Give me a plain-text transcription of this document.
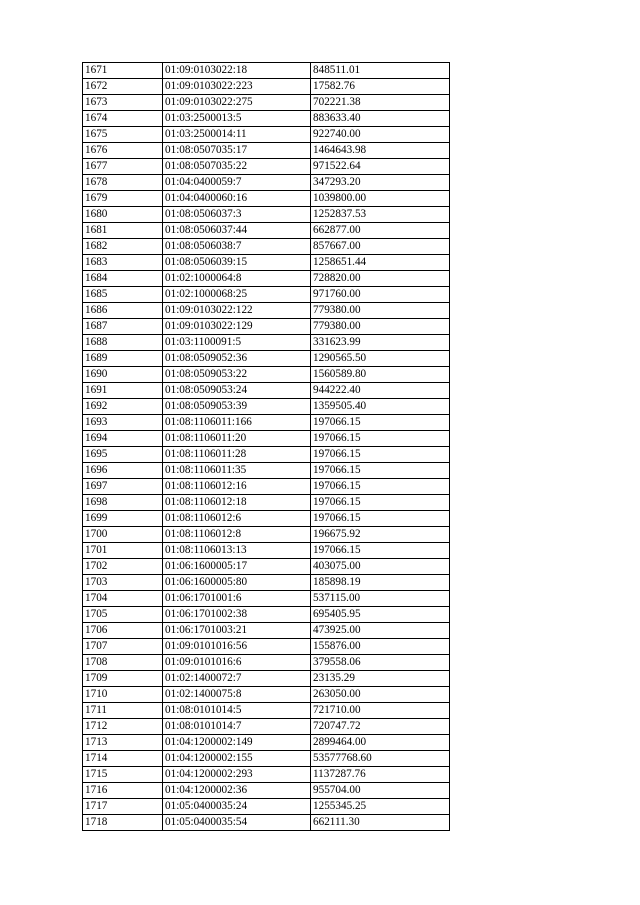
1671	01:09:0103022:18	848511.01
1672	01:09:0103022:223	17582.76
1673	01:09:0103022:275	702221.38
1674	01:03:2500013:5	883633.40
1675	01:03:2500014:11	922740.00
1676	01:08:0507035:17	1464643.98
1677	01:08:0507035:22	971522.64
1678	01:04:0400059:7	347293.20
1679	01:04:0400060:16	1039800.00
1680	01:08:0506037:3	1252837.53
1681	01:08:0506037:44	662877.00
1682	01:08:0506038:7	857667.00
1683	01:08:0506039:15	1258651.44
1684	01:02:1000064:8	728820.00
1685	01:02:1000068:25	971760.00
1686	01:09:0103022:122	779380.00
1687	01:09:0103022:129	779380.00
1688	01:03:1100091:5	331623.99
1689	01:08:0509052:36	1290565.50
1690	01:08:0509053:22	1560589.80
1691	01:08:0509053:24	944222.40
1692	01:08:0509053:39	1359505.40
1693	01:08:1106011:166	197066.15
1694	01:08:1106011:20	197066.15
1695	01:08:1106011:28	197066.15
1696	01:08:1106011:35	197066.15
1697	01:08:1106012:16	197066.15
1698	01:08:1106012:18	197066.15
1699	01:08:1106012:6	197066.15
1700	01:08:1106012:8	196675.92
1701	01:08:1106013:13	197066.15
1702	01:06:1600005:17	403075.00
1703	01:06:1600005:80	185898.19
1704	01:06:1701001:6	537115.00
1705	01:06:1701002:38	695405.95
1706	01:06:1701003:21	473925.00
1707	01:09:0101016:56	155876.00
1708	01:09:0101016:6	379558.06
1709	01:02:1400072:7	23135.29
1710	01:02:1400075:8	263050.00
1711	01:08:0101014:5	721710.00
1712	01:08:0101014:7	720747.72
1713	01:04:1200002:149	2899464.00
1714	01:04:1200002:155	53577768.60
1715	01:04:1200002:293	1137287.76
1716	01:04:1200002:36	955704.00
1717	01:05:0400035:24	1255345.25
1718	01:05:0400035:54	662111.30
